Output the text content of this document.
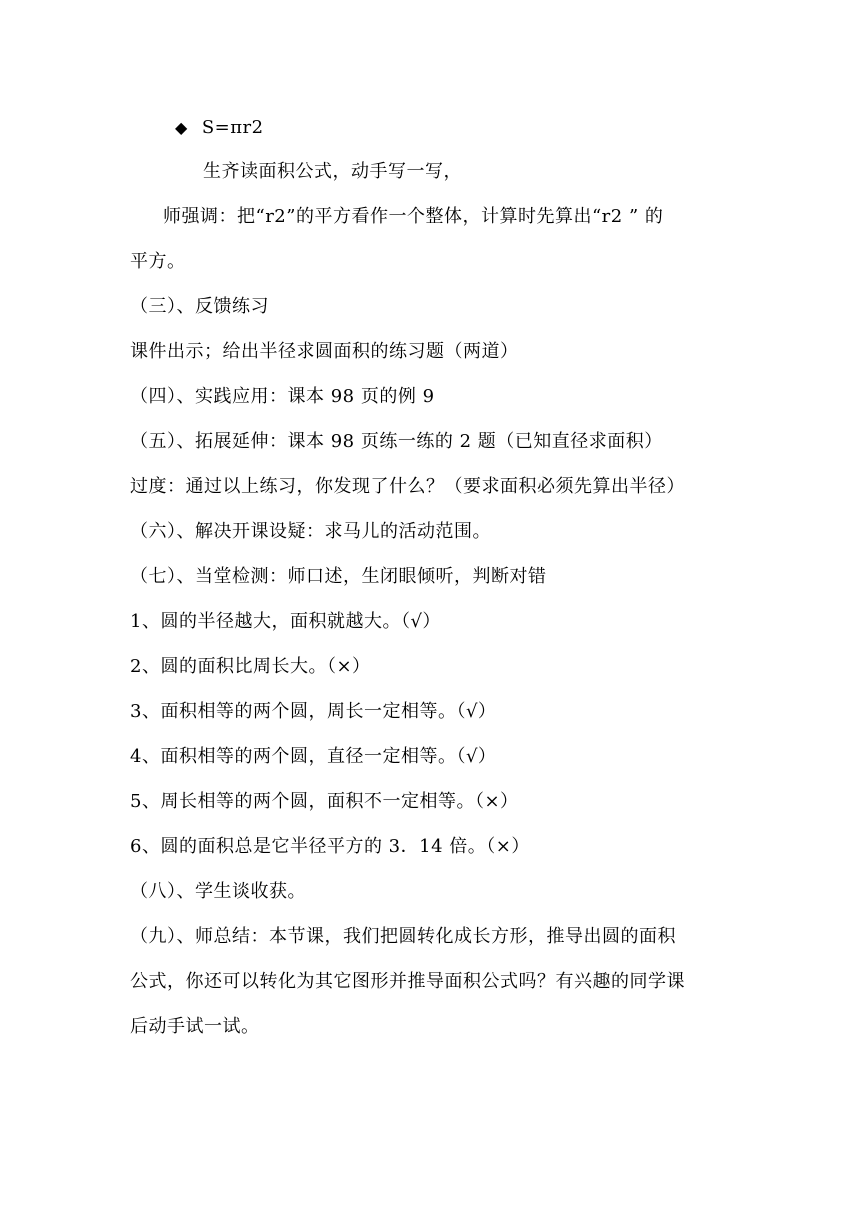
◆ S=πr2
生齐读面积公式，动手写一写，
师强调：把“r2”的平方看作一个整体，计算时先算出“r2 ” 的
平方。
（三）、反馈练习
课件出示；给出半径求圆面积的练习题（两道）
（四）、实践应用：课本 98 页的例 9
（五）、拓展延伸：课本 98 页练一练的 2 题（已知直径求面积）
过度：通过以上练习，你发现了什么？（要求面积必须先算出半径）
（六）、解决开课设疑：求马儿的活动范围。
（七）、当堂检测：师口述，生闭眼倾听，判断对错
1、圆的半径越大，面积就越大。（√）
2、圆的面积比周长大。（×）
3、面积相等的两个圆，周长一定相等。（√）
4、面积相等的两个圆，直径一定相等。（√）
5、周长相等的两个圆，面积不一定相等。（×）
6、圆的面积总是它半径平方的 3．14 倍。（×）
（八）、学生谈收获。
（九）、师总结：本节课，我们把圆转化成长方形，推导出圆的面积
公式，你还可以转化为其它图形并推导面积公式吗？有兴趣的同学课
后动手试一试。
